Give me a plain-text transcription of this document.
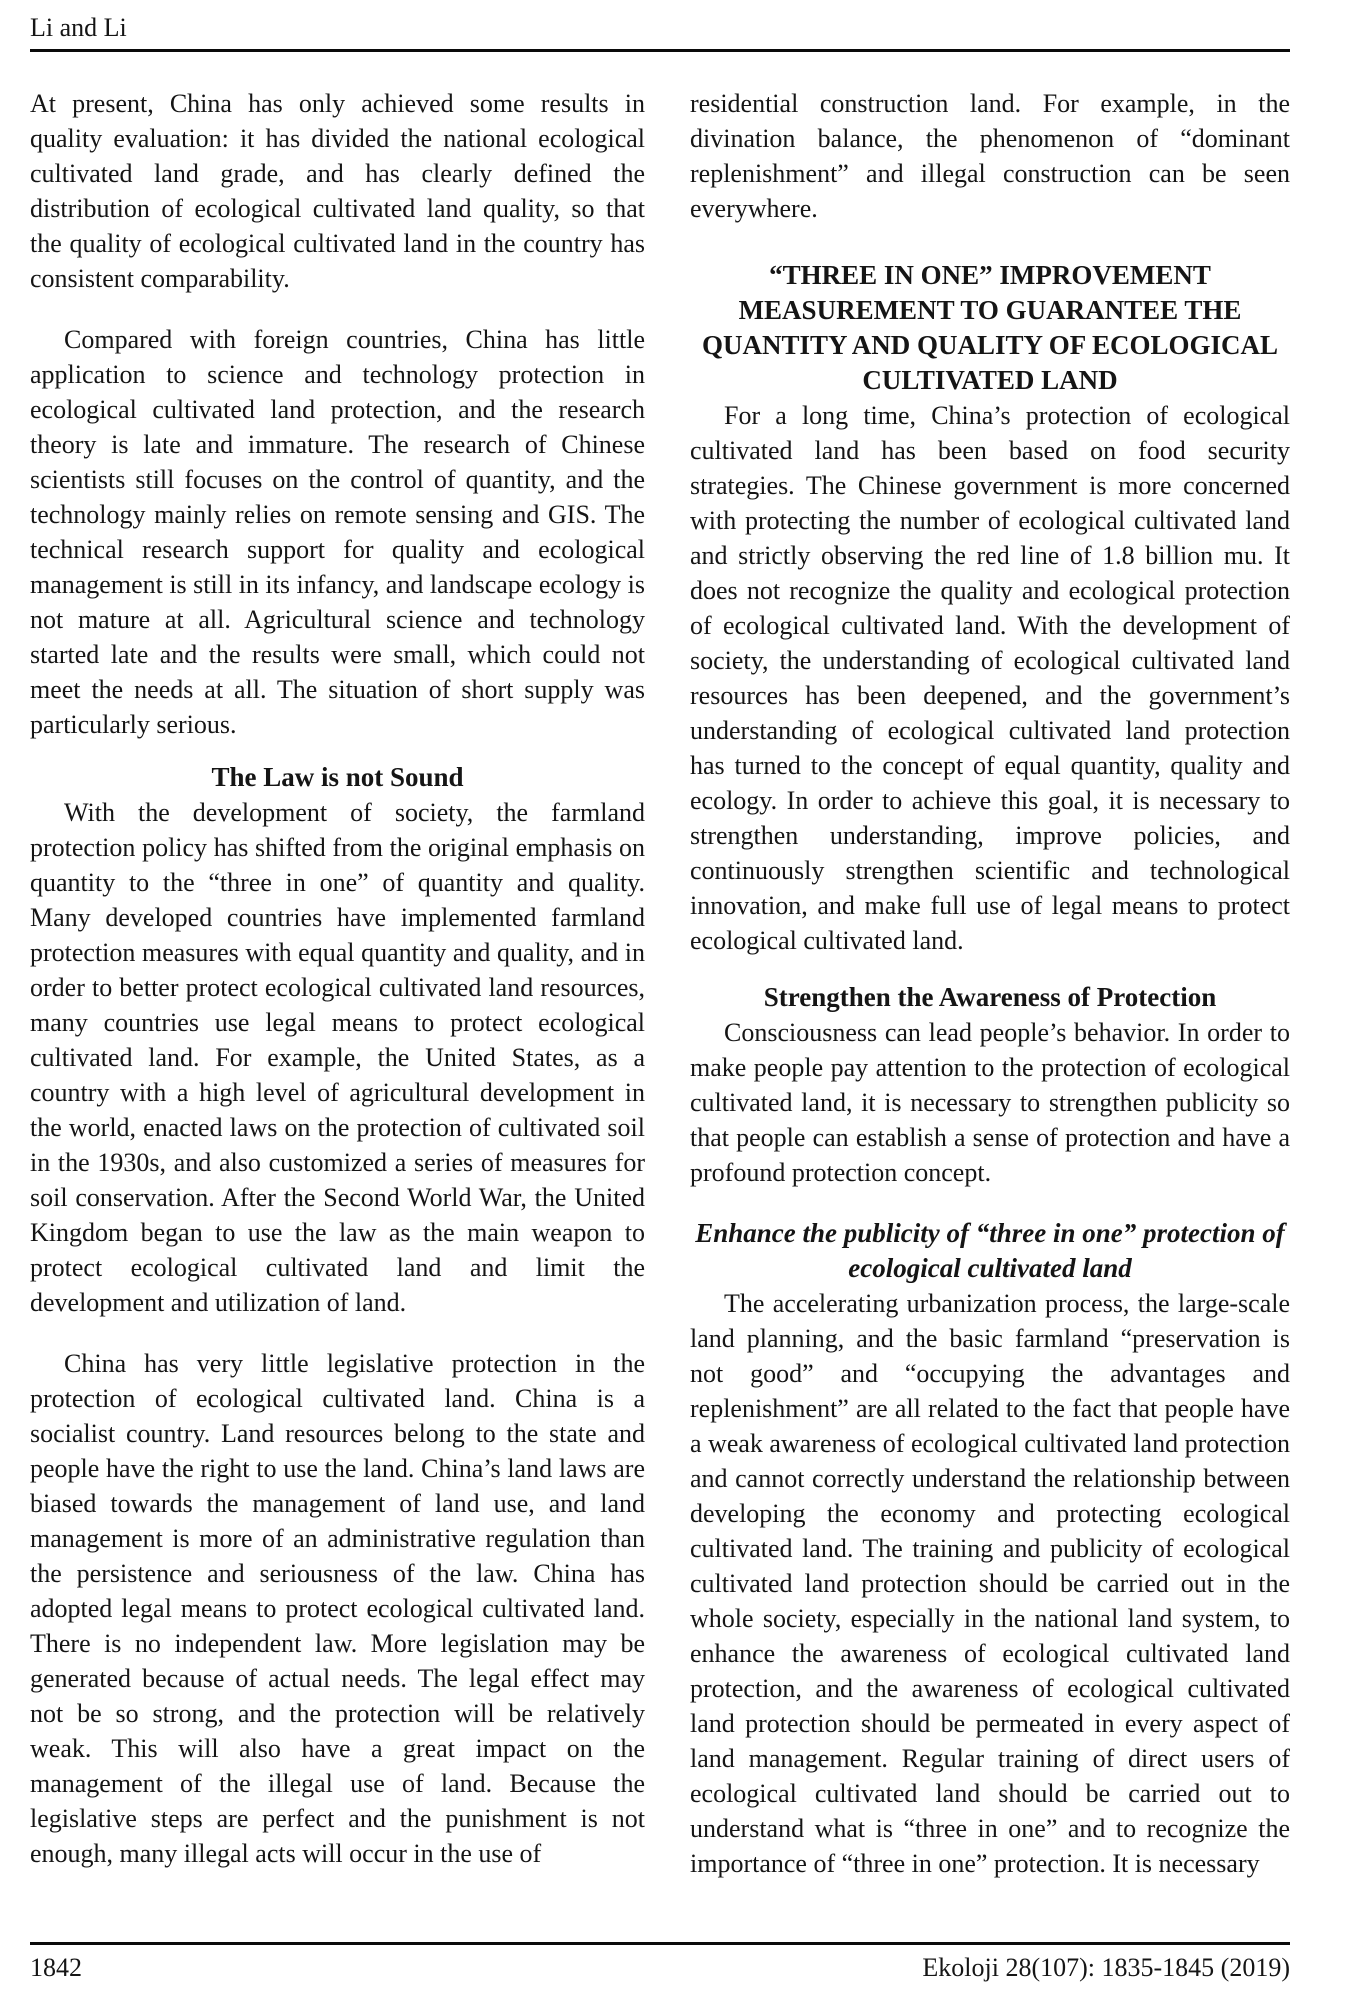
Li and Li

At present, China has only achieved some results in quality evaluation: it has divided the national ecological cultivated land grade, and has clearly defined the distribution of ecological cultivated land quality, so that the quality of ecological cultivated land in the country has consistent comparability.

Compared with foreign countries, China has little application to science and technology protection in ecological cultivated land protection, and the research theory is late and immature. The research of Chinese scientists still focuses on the control of quantity, and the technology mainly relies on remote sensing and GIS. The technical research support for quality and ecological management is still in its infancy, and landscape ecology is not mature at all. Agricultural science and technology started late and the results were small, which could not meet the needs at all. The situation of short supply was particularly serious.

The Law is not Sound

With the development of society, the farmland protection policy has shifted from the original emphasis on quantity to the “three in one” of quantity and quality. Many developed countries have implemented farmland protection measures with equal quantity and quality, and in order to better protect ecological cultivated land resources, many countries use legal means to protect ecological cultivated land. For example, the United States, as a country with a high level of agricultural development in the world, enacted laws on the protection of cultivated soil in the 1930s, and also customized a series of measures for soil conservation. After the Second World War, the United Kingdom began to use the law as the main weapon to protect ecological cultivated land and limit the development and utilization of land.

China has very little legislative protection in the protection of ecological cultivated land. China is a socialist country. Land resources belong to the state and people have the right to use the land. China’s land laws are biased towards the management of land use, and land management is more of an administrative regulation than the persistence and seriousness of the law. China has adopted legal means to protect ecological cultivated land. There is no independent law. More legislation may be generated because of actual needs. The legal effect may not be so strong, and the protection will be relatively weak. This will also have a great impact on the management of the illegal use of land. Because the legislative steps are perfect and the punishment is not enough, many illegal acts will occur in the use of

residential construction land. For example, in the divination balance, the phenomenon of “dominant replenishment” and illegal construction can be seen everywhere.

“THREE IN ONE” IMPROVEMENT MEASUREMENT TO GUARANTEE THE QUANTITY AND QUALITY OF ECOLOGICAL CULTIVATED LAND

For a long time, China’s protection of ecological cultivated land has been based on food security strategies. The Chinese government is more concerned with protecting the number of ecological cultivated land and strictly observing the red line of 1.8 billion mu. It does not recognize the quality and ecological protection of ecological cultivated land. With the development of society, the understanding of ecological cultivated land resources has been deepened, and the government’s understanding of ecological cultivated land protection has turned to the concept of equal quantity, quality and ecology. In order to achieve this goal, it is necessary to strengthen understanding, improve policies, and continuously strengthen scientific and technological innovation, and make full use of legal means to protect ecological cultivated land.

Strengthen the Awareness of Protection

Consciousness can lead people’s behavior. In order to make people pay attention to the protection of ecological cultivated land, it is necessary to strengthen publicity so that people can establish a sense of protection and have a profound protection concept.

Enhance the publicity of “three in one” protection of ecological cultivated land

The accelerating urbanization process, the large-scale land planning, and the basic farmland “preservation is not good” and “occupying the advantages and replenishment” are all related to the fact that people have a weak awareness of ecological cultivated land protection and cannot correctly understand the relationship between developing the economy and protecting ecological cultivated land. The training and publicity of ecological cultivated land protection should be carried out in the whole society, especially in the national land system, to enhance the awareness of ecological cultivated land protection, and the awareness of ecological cultivated land protection should be permeated in every aspect of land management. Regular training of direct users of ecological cultivated land should be carried out to understand what is “three in one” and to recognize the importance of “three in one” protection. It is necessary

1842	Ekoloji 28(107): 1835-1845 (2019)
